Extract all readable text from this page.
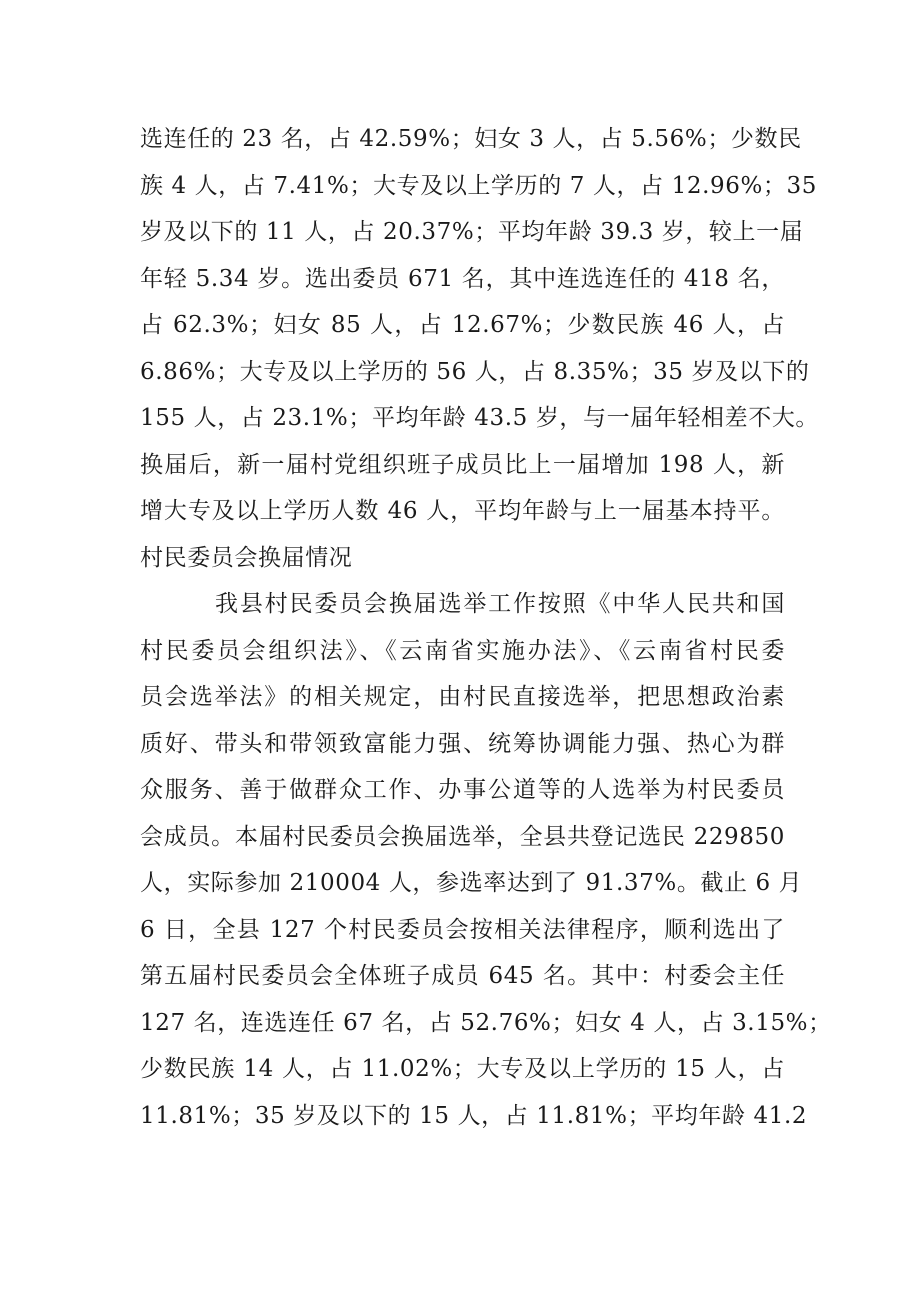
选连任的 23 名，占 42.59%；妇女 3 人，占 5.56%；少数民
族 4 人，占 7.41%；大专及以上学历的 7 人，占 12.96%；35
岁及以下的 11 人，占 20.37%；平均年龄 39.3 岁，较上一届
年轻 5.34 岁。选出委员 671 名，其中连选连任的 418 名，
占 62.3%；妇女 85 人，占 12.67%；少数民族 46 人，占
6.86%；大专及以上学历的 56 人，占 8.35%；35 岁及以下的
155 人，占 23.1%；平均年龄 43.5 岁，与一届年轻相差不大。
换届后，新一届村党组织班子成员比上一届增加 198 人，新
增大专及以上学历人数 46 人，平均年龄与上一届基本持平。
村民委员会换届情况
我县村民委员会换届选举工作按照《中华人民共和国
村民委员会组织法》、《云南省实施办法》、《云南省村民委
员会选举法》的相关规定，由村民直接选举，把思想政治素
质好、带头和带领致富能力强、统筹协调能力强、热心为群
众服务、善于做群众工作、办事公道等的人选举为村民委员
会成员。本届村民委员会换届选举，全县共登记选民 229850
人，实际参加 210004 人，参选率达到了 91.37%。截止 6 月
6 日，全县 127 个村民委员会按相关法律程序，顺利选出了
第五届村民委员会全体班子成员 645 名。其中：村委会主任
127 名，连选连任 67 名，占 52.76%；妇女 4 人，占 3.15%；
少数民族 14 人，占 11.02%；大专及以上学历的 15 人，占
11.81%；35 岁及以下的 15 人，占 11.81%；平均年龄 41.2
